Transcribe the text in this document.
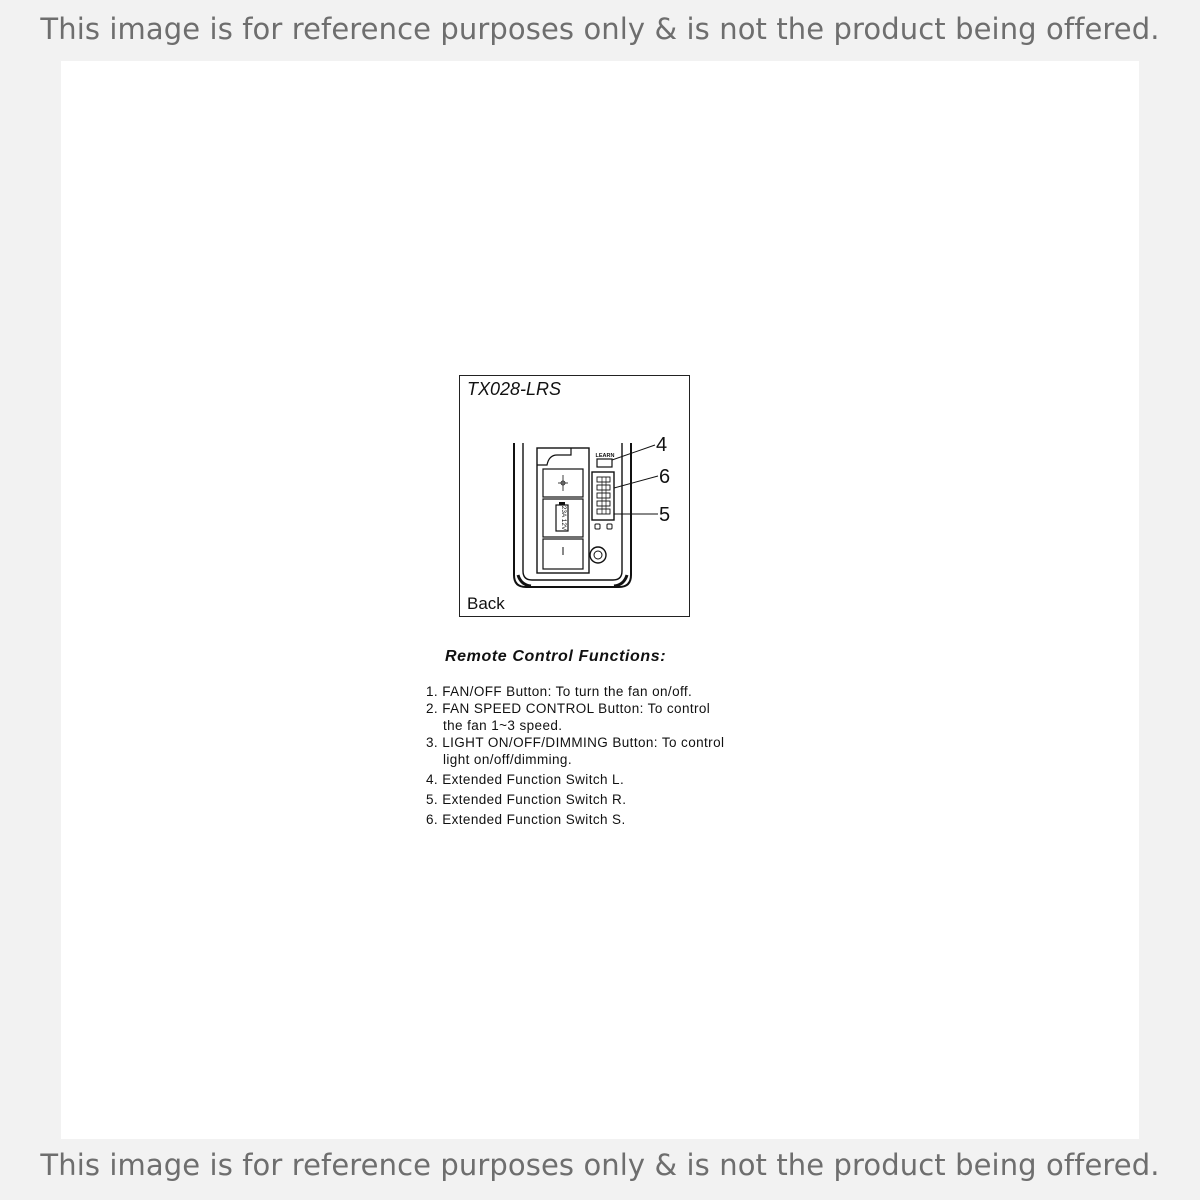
This image is for reference purposes only & is not the product being offered.
TX028-LRS
23A 12V
LEARN 4
6
5
Back
Remote Control Functions:
1. FAN/OFF Button: To turn the fan on/off.
2. FAN SPEED CONTROL Button: To control
the fan 1~3 speed.
3. LIGHT ON/OFF/DIMMING Button: To control
light on/off/dimming.
4. Extended Function Switch L.
5. Extended Function Switch R.
6. Extended Function Switch S.
This image is for reference purposes only & is not the product being offered.
